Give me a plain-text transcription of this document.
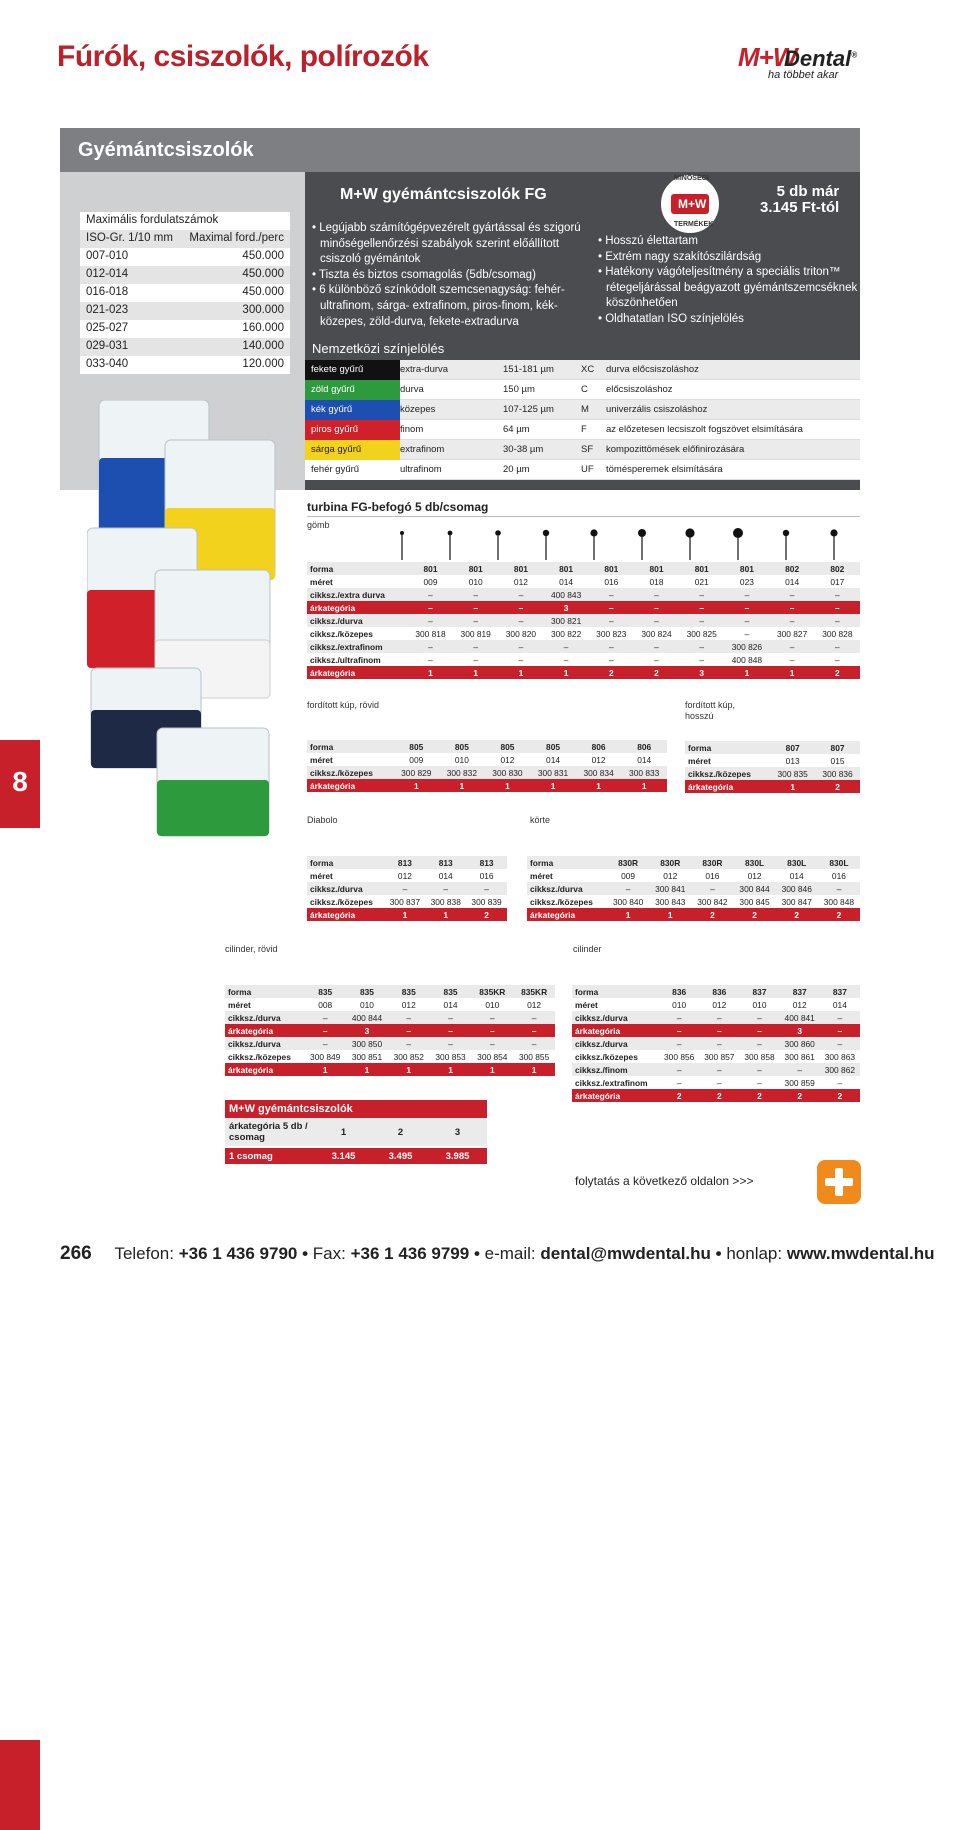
Fúrók, csiszolók, polírozók	M+W
Dental®
ha többet akar
Gyémántcsiszolók
Maximális fordulatszámok
ISO-Gr. 1/10 mm Maximal ford./perc
007-010	450.000
012-014	450.000
016-018	450.000
021-023	300.000
025-027	160.000
029-031	140.000
033-040	120.000
M+W gyémántcsiszolók FG
• Legújabb számítógépvezérelt gyártással és szigorú minőségellenőrzési szabályok szerint előállított csiszoló gyémántok
• Tiszta és biztos csomagolás (5db/csomag)
• 6 különböző színkódolt szemcsenagyság: fehér- ultrafinom, sárga- extrafinom, piros-finom, kék-közepes, zöld-durva, fekete-extradurva
• Hosszú élettartam
• Extrém nagy szakítószilárdság
• Hatékony vágóteljesítmény a speciális triton™ rétegeljárással beágyazott gyémántszemcséknek köszönhetően
• Oldhatatlan ISO színjelölés
MINŐSÉGI
M+W
TERMÉKEK
5 db már
3.145 Ft-tól
Nemzetközi színjelölés
fekete gyűrű	extra-durva	151-181 µm	XC	durva előcsiszoláshoz
zöld gyűrű	durva	150 µm	C	előcsiszoláshoz
kék gyűrű	közepes	107-125 µm	M	univerzális csiszoláshoz
piros gyűrű	finom	64 µm	F	az előzetesen lecsiszolt fogszövet elsimítására
sárga gyűrű	extrafinom	30-38 µm	SF	kompozittömések előfinirozására
fehér gyűrű	ultrafinom	20 µm	UF	tömésperemek elsimítására
turbina FG-befogó 5 db/csomag
gömb
fordított kúp, rövid	fordított kúp, hosszú
Diabolo	körte
cilinder, rövid	cilinder
forma	801	801	801	801	801	801	801	801	802	802
méret	009	010	012	014	016	018	021	023	014	017
cikksz./extra durva	–	–	–	400 843	–	–	–	–	–	–
árkategória	–	–	–	3	–	–	–	–	–	–
cikksz./durva	–	–	–	300 821	–	–	–	–	–	–
cikksz./közepes	300 818	300 819	300 820	300 822	300 823	300 824	300 825	–	300 827	300 828
cikksz./extrafinom	–	–	–	–	–	–	–	300 826	–	–
cikksz./ultrafinom	–	–	–	–	–	–	–	400 848	–	–
árkategória	1	1	1	1	2	2	3	1	1	2
forma	805	805	805	805	806	806
méret	009	010	012	014	012	014
cikksz./közepes	300 829	300 832	300 830	300 831	300 834	300 833
árkategória	1	1	1	1	1	1
forma	807	807
méret	013	015
cikksz./közepes	300 835	300 836
árkategória	1	2
forma	813	813	813
méret	012	014	016
cikksz./durva	–	–	–
cikksz./közepes	300 837	300 838	300 839
árkategória	1	1	2
forma	830R	830R	830R	830L	830L	830L
méret	009	012	016	012	014	016
cikksz./durva	–	300 841	–	300 844	300 846	–
cikksz./közepes	300 840	300 843	300 842	300 845	300 847	300 848
árkategória	1	1	2	2	2	2
forma	835	835	835	835	835KR	835KR
méret	008	010	012	014	010	012
cikksz./durva	–	400 844	–	–	–	–
árkategória	–	3	–	–	–	–
cikksz./durva	–	300 850	–	–	–	–
cikksz./közepes	300 849	300 851	300 852	300 853	300 854	300 855
árkategória	1	1	1	1	1	1
forma	836	836	837	837	837
méret	010	012	010	012	014
cikksz./durva	–	–	–	400 841	–
árkategória	–	–	–	3	–
cikksz./durva	–	–	–	300 860	–
cikksz./közepes	300 856	300 857	300 858	300 861	300 863
cikksz./finom	–	–	–	–	300 862
cikksz./extrafinom	–	–	–	300 859	–
árkategória	2	2	2	2	2
M+W gyémántcsiszolók
árkategória 5 db / csomag	1	2	3
1 csomag	3.145	3.495	3.985
folytatás a következő oldalon >>>
8
266 Telefon: +36 1 436 9790 • Fax: +36 1 436 9799 • e-mail: dental@mwdental.hu • honlap: www.mwdental.hu
